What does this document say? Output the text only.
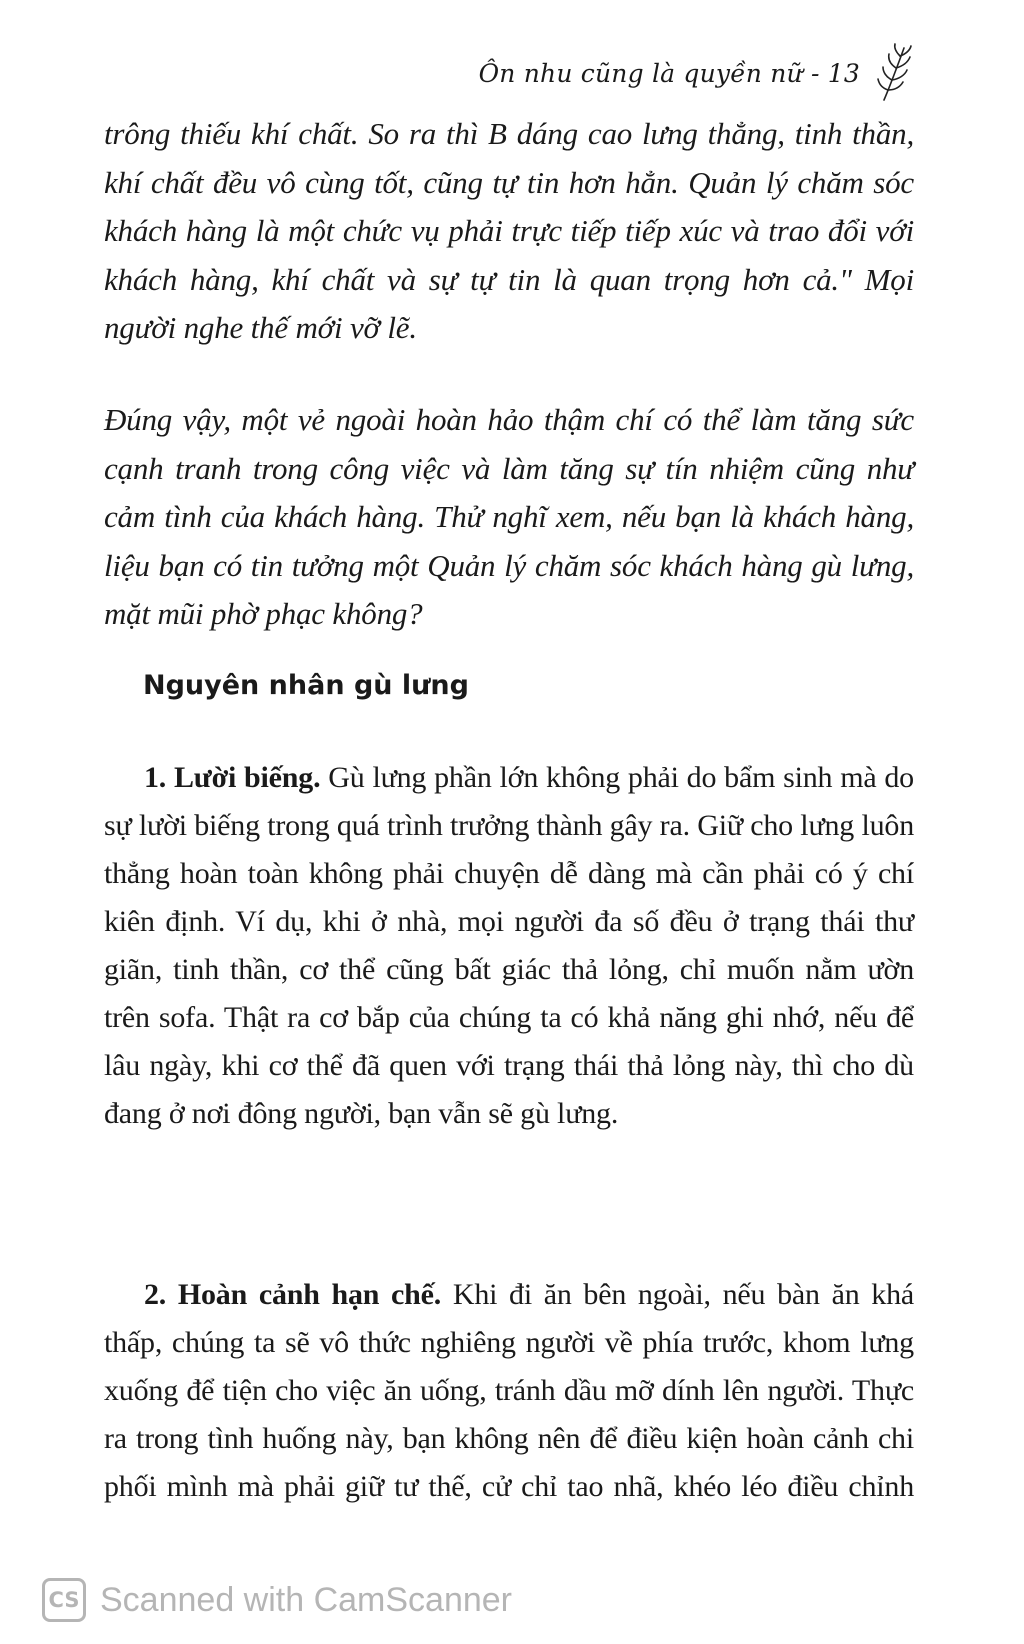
Ôn nhu cũng là quyền nữ - 13

trông thiếu khí chất. So ra thì B dáng cao lưng thẳng, tinh thần, khí chất đều vô cùng tốt, cũng tự tin hơn hẳn. Quản lý chăm sóc khách hàng là một chức vụ phải trực tiếp tiếp xúc và trao đổi với khách hàng, khí chất và sự tự tin là quan trọng hơn cả." Mọi người nghe thế mới vỡ lẽ.

Đúng vậy, một vẻ ngoài hoàn hảo thậm chí có thể làm tăng sức cạnh tranh trong công việc và làm tăng sự tín nhiệm cũng như cảm tình của khách hàng. Thử nghĩ xem, nếu bạn là khách hàng, liệu bạn có tin tưởng một Quản lý chăm sóc khách hàng gù lưng, mặt mũi phờ phạc không?

Nguyên nhân gù lưng

1. Lười biếng. Gù lưng phần lớn không phải do bẩm sinh mà do sự lười biếng trong quá trình trưởng thành gây ra. Giữ cho lưng luôn thẳng hoàn toàn không phải chuyện dễ dàng mà cần phải có ý chí kiên định. Ví dụ, khi ở nhà, mọi người đa số đều ở trạng thái thư giãn, tinh thần, cơ thể cũng bất giác thả lỏng, chỉ muốn nằm ườn trên sofa. Thật ra cơ bắp của chúng ta có khả năng ghi nhớ, nếu để lâu ngày, khi cơ thể đã quen với trạng thái thả lỏng này, thì cho dù đang ở nơi đông người, bạn vẫn sẽ gù lưng.

2. Hoàn cảnh hạn chế. Khi đi ăn bên ngoài, nếu bàn ăn khá thấp, chúng ta sẽ vô thức nghiêng người về phía trước, khom lưng xuống để tiện cho việc ăn uống, tránh dầu mỡ dính lên người. Thực ra trong tình huống này, bạn không nên để điều kiện hoàn cảnh chi phối mình mà phải giữ tư thế, cử chỉ tao nhã, khéo léo điều chỉnh

CS Scanned with CamScanner
